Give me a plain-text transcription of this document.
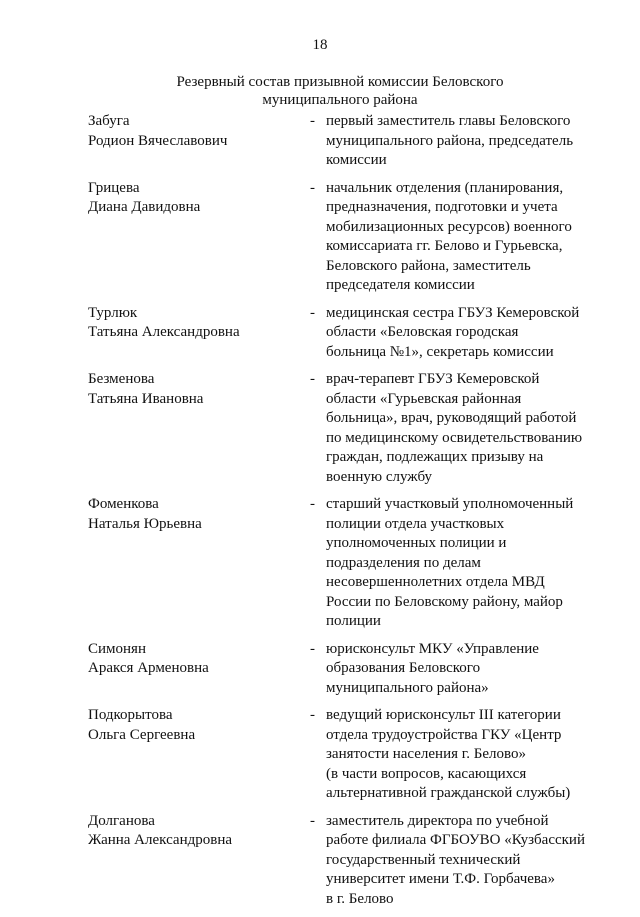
18
Резервный состав призывной комиссии Беловского
муниципального района
Забуга
Родион Вячеславович
- первый заместитель главы Беловского
муниципального района, председатель
комиссии
Грицева
Диана Давидовна
- начальник отделения (планирования,
предназначения, подготовки и учета
мобилизационных ресурсов) военного
комиссариата гг. Белово и Гурьевска,
Беловского района, заместитель
председателя комиссии
Турлюк
Татьяна Александровна
- медицинская сестра ГБУЗ Кемеровской
области «Беловская городская
больница №1», секретарь комиссии
Безменова
Татьяна Ивановна
- врач-терапевт ГБУЗ Кемеровской
области «Гурьевская районная
больница», врач, руководящий работой
по медицинскому освидетельствованию
граждан, подлежащих призыву на
военную службу
Фоменкова
Наталья Юрьевна
- старший участковый уполномоченный
полиции отдела участковых
уполномоченных полиции и
подразделения по делам
несовершеннолетних отдела МВД
России по Беловскому району, майор
полиции
Симонян
Аракся Арменовна
- юрисконсульт МКУ «Управление
образования Беловского
муниципального района»
Подкорытова
Ольга Сергеевна
- ведущий юрисконсульт III категории
отдела трудоустройства ГКУ «Центр
занятости населения г. Белово»
(в части вопросов, касающихся
альтернативной гражданской службы)
Долганова
Жанна Александровна
- заместитель директора по учебной
работе филиала ФГБОУВО «Кузбасский
государственный технический
университет имени Т.Ф. Горбачева»
в г. Белово
